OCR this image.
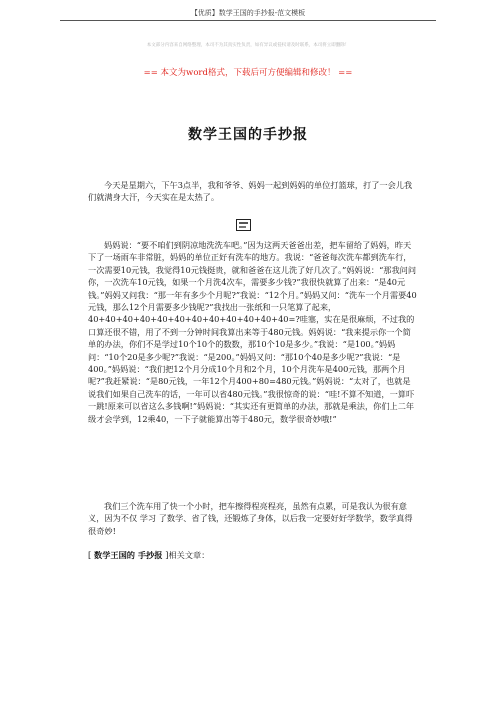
【优质】数学王国的手抄报-范文模板
本文部分内容来自网络整理，本司不为其真实性负责，如有异议或侵权请及时联系，本司将立即删除！
== 本文为word格式，下载后可方便编辑和修改！ ==
数学王国的手抄报

今天是星期六，下午3点半，我和爷爷、妈妈一起到妈妈的单位打篮球，打了一会儿我们就满身大汗，今天实在是太热了。

妈妈说：“要不咱们到阴凉地洗洗车吧。”因为这两天爸爸出差，把车留给了妈妈，昨天下了一场雨车非常脏，妈妈的单位正好有洗车的地方。我说：“爸爸每次洗车都到洗车行，一次需要10元钱，我觉得10元钱挺贵，就和爸爸在这儿洗了好几次了。”妈妈说：“那我问问你，一次洗车10元钱，如果一个月洗4次车，需要多少钱?”我很快就算了出来：“是40元钱。”妈妈又问我：“那一年有多少个月呢?”我说：“12个月。”妈妈又问：“洗车一个月需要40元钱，那么12个月需要多少钱呢?”我找出一张纸和一只笔算了起来，40+40+40+40+40+40+40+40+40+40+40+40=?哇塞，实在是很麻烦，不过我的口算还很不错，用了不到一分钟时间我算出来等于480元钱。妈妈说：“我来提示你一个简单的办法，你们不是学过10个10个的数数，那10个10是多少。”我说：“是100。”妈妈问：“10个20是多少呢?”我说：“是200。”妈妈又问：“那10个40是多少呢?”我说：“是400。”妈妈说：“我们把12个月分成10个月和2个月，10个月洗车是400元钱，那两个月呢?”我赶紧说：“是80元钱，一年12个月400+80=480元钱。”妈妈说：“太对了，也就是说我们如果自己洗车的话，一年可以省480元钱。”我很惊奇的说：“哇!不算不知道，一算吓一跳!原来可以省这么多钱啊!”妈妈说：“其实还有更简单的办法，那就是乘法，你们上二年级才会学到，12乘40，一下子就能算出等于480元，数学很奇妙哦!”

我们三个洗车用了快一个小时，把车擦得程亮程亮，虽然有点累，可是我认为很有意义，因为不仅 学习 了数学、省了钱，还锻炼了身体，以后我一定要好好学数学，数学真得很奇妙!

[ 数学王国的 手抄报 ]相关文章：
